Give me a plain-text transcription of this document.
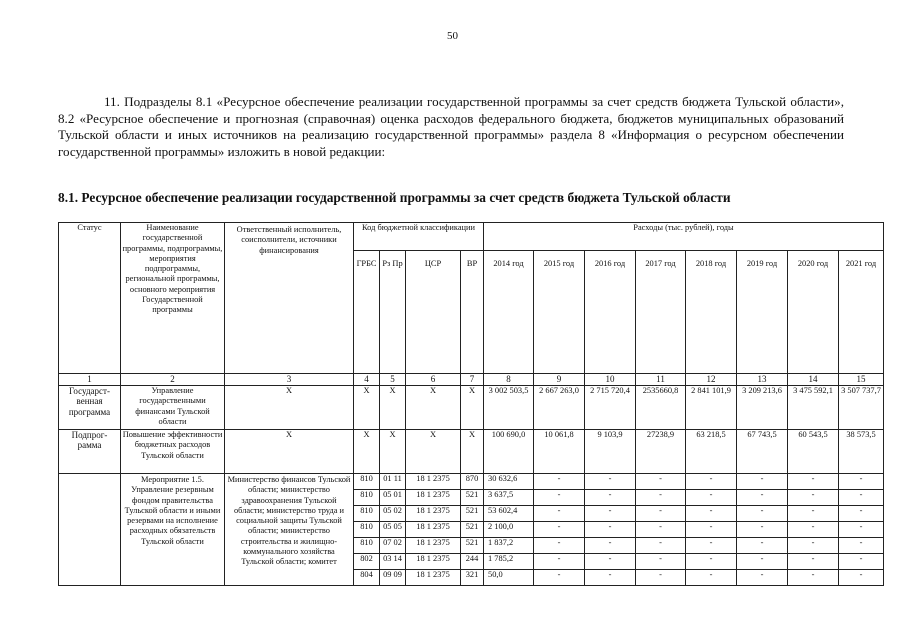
50
11. Подразделы 8.1 «Ресурсное обеспечение реализации государственной программы за счет средств бюджета Тульской области», 8.2 «Ресурсное обеспечение и прогнозная (справочная) оценка расходов федерального бюджета, бюджетов муниципальных образований Тульской области и иных источников на реализацию государственной программы» раздела 8 «Информация о ресурсном обеспечении государственной программы» изложить в новой редакции:
8.1. Ресурсное обеспечение реализации государственной программы за счет средств бюджета Тульской области
Статус	Наименование государственной программы, подпрограммы, мероприятия подпрограммы, региональной программы, основного мероприятия Государственной программы	Ответственный исполнитель, соисполнители, источники финансирования	Код бюджетной классификации				Расходы (тыс. рублей), годы							
			ГРБС	Рз Пр	ЦСР	ВР	2014 год	2015 год	2016 год	2017 год	2018 год	2019 год	2020 год	2021 год
1	2	3	4	5	6	7	8	9	10	11	12	13	14	15
Государст-венная программа	Управление государственными финансами Тульской области	X	X	X	X	X	3 002 503,5	2 667 263,0	2 715 720,4	2535660,8	2 841 101,9	3 209 213,6	3 475 592,1	3 507 737,7
Подпрог-рамма	Повышение эффективности бюджетных расходов Тульской области	X	X	X	X	X	100 690,0	10 061,8	9 103,9	27238,9	63 218,5	67 743,5	60 543,5	38 573,5
	Мероприятие 1.5. Управление резервным фондом правительства Тульской области и иными резервами на исполнение расходных обязательств Тульской области	Министерство финансов Тульской области; министерство здравоохранения Тульской области; министерство труда и социальной защиты Тульской области; министерство строительства и жилищно-коммунального хозяйства Тульской области; комитет	810	01 11	18 1 2375	870	30 632,6	-	-	-	-	-	-	-
			810	05 01	18 1 2375	521	3 637,5	-	-	-	-	-	-	-
			810	05 02	18 1 2375	521	53 602,4	-	-	-	-	-	-	-
			810	05 05	18 1 2375	521	2 100,0	-	-	-	-	-	-	-
			810	07 02	18 1 2375	521	1 837,2	-	-	-	-	-	-	-
			802	03 14	18 1 2375	244	1 785,2	-	-	-	-	-	-	-
			804	09 09	18 1 2375	321	50,0	-	-	-	-	-	-	-
